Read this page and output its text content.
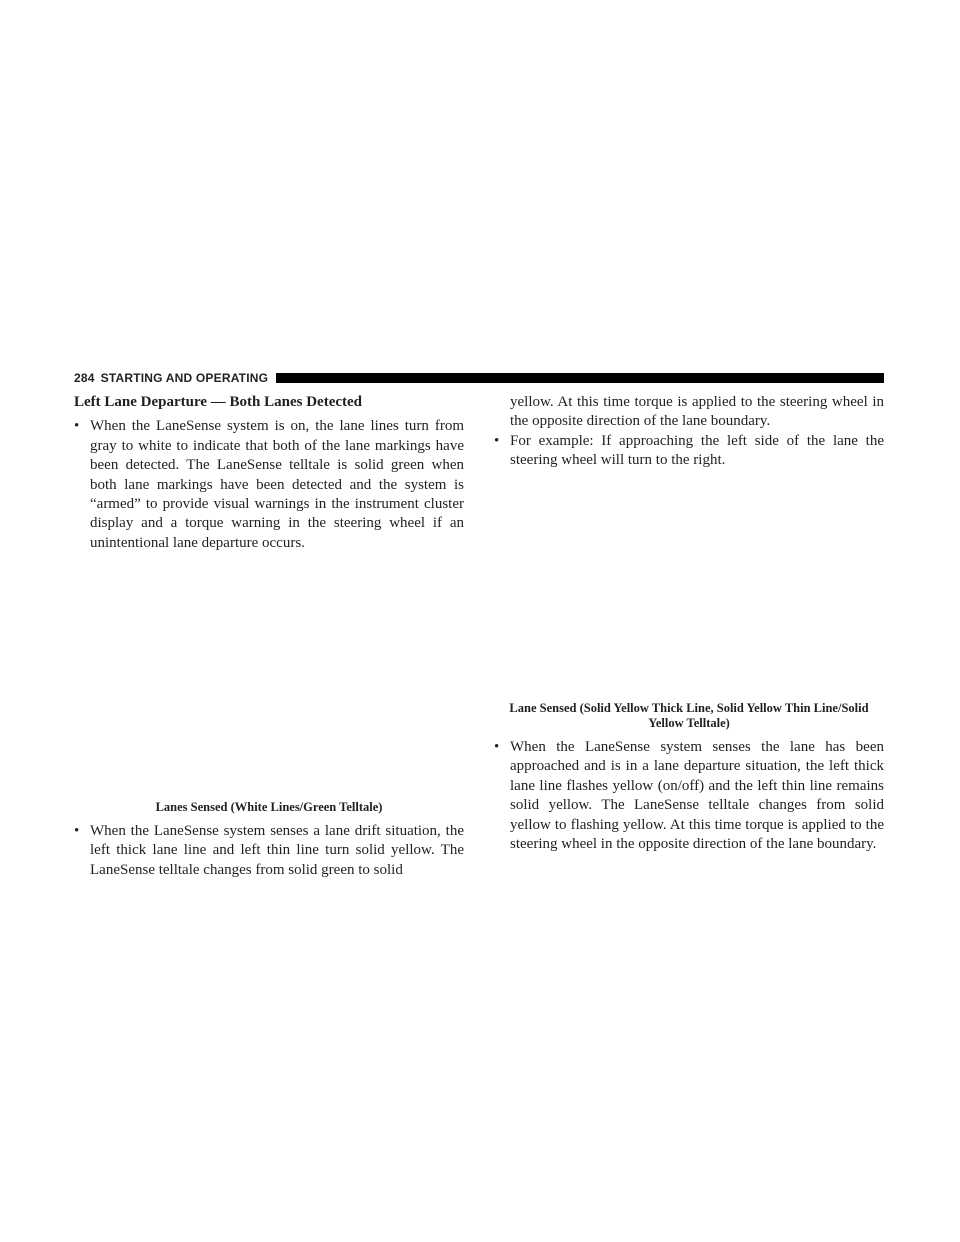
284 STARTING AND OPERATING

Left Lane Departure — Both Lanes Detected

• When the LaneSense system is on, the lane lines turn from gray to white to indicate that both of the lane markings have been detected. The LaneSense telltale is solid green when both lane markings have been detected and the system is “armed” to provide visual warnings in the instrument cluster display and a torque warning in the steering wheel if an unintentional lane departure occurs.

Lanes Sensed (White Lines/Green Telltale)

• When the LaneSense system senses a lane drift situation, the left thick lane line and left thin line turn solid yellow. The LaneSense telltale changes from solid green to solid

yellow. At this time torque is applied to the steering wheel in the opposite direction of the lane boundary.

• For example: If approaching the left side of the lane the steering wheel will turn to the right.

Lane Sensed (Solid Yellow Thick Line, Solid Yellow Thin Line/Solid Yellow Telltale)

• When the LaneSense system senses the lane has been approached and is in a lane departure situation, the left thick lane line flashes yellow (on/off) and the left thin line remains solid yellow. The LaneSense telltale changes from solid yellow to flashing yellow. At this time torque is applied to the steering wheel in the opposite direction of the lane boundary.
